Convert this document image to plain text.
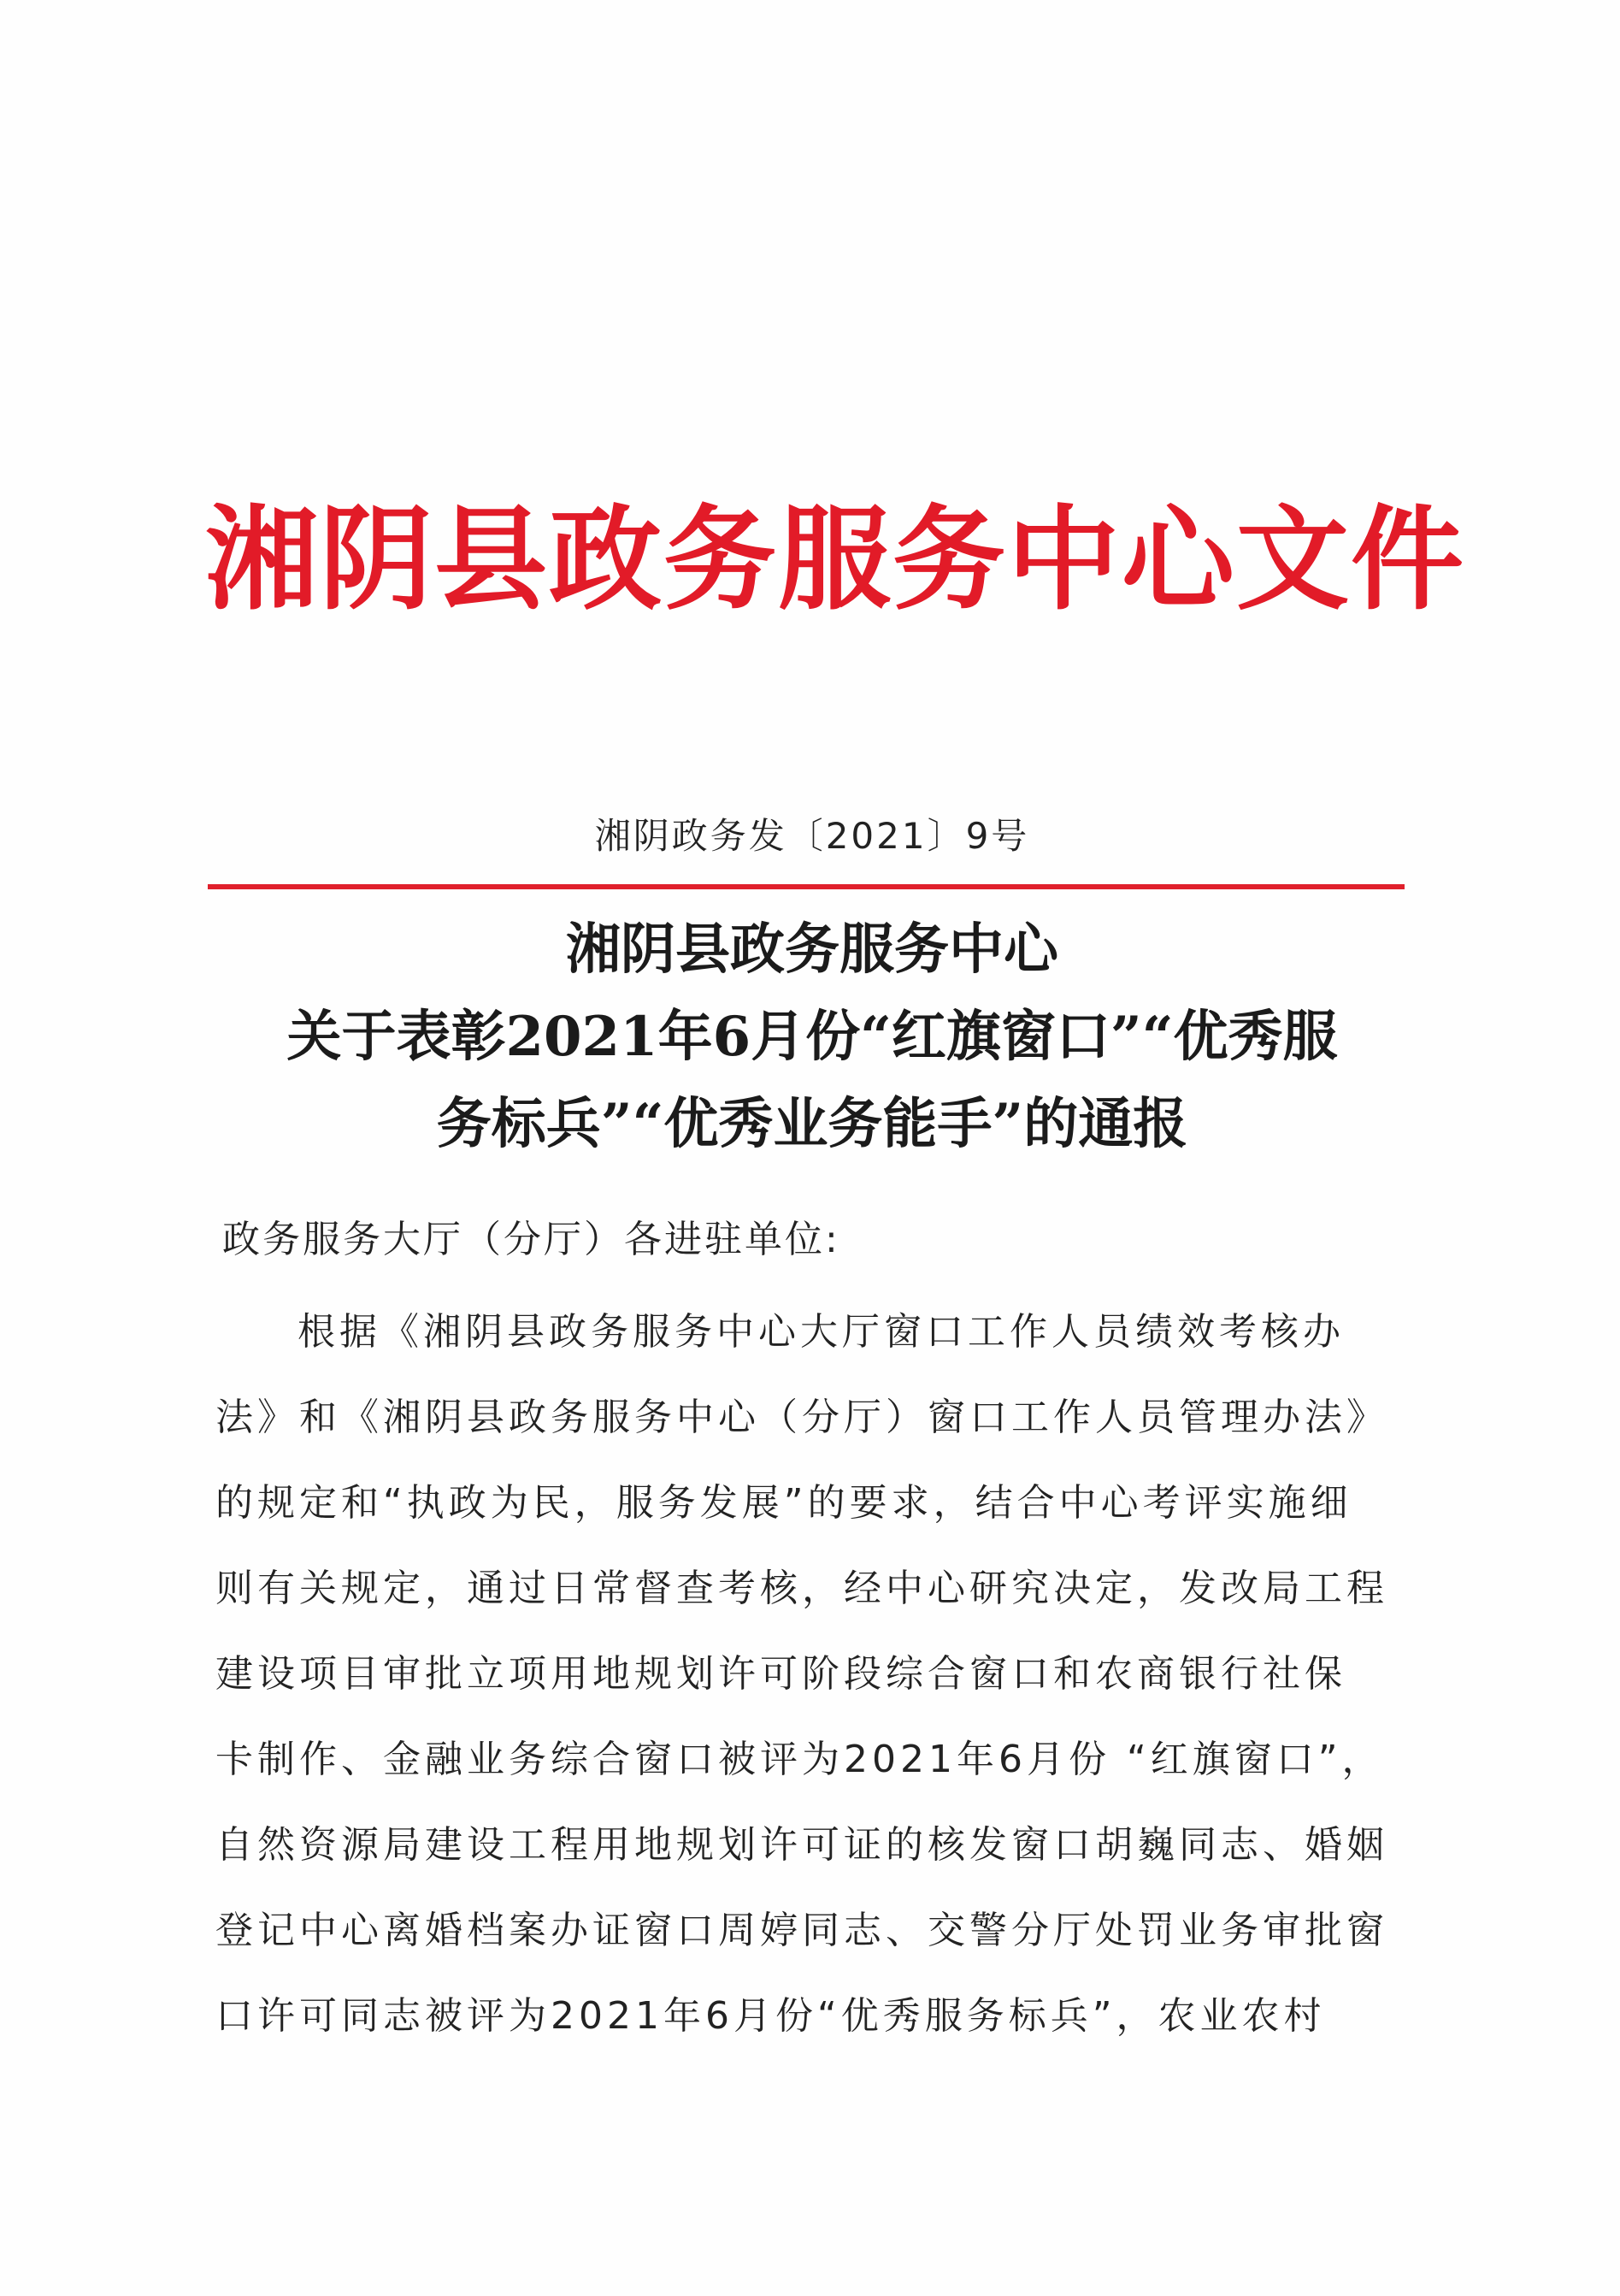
湘阴县政务服务中心文件
湘阴政务发〔2021〕9号
湘阴县政务服务中心
关于表彰2021年6月份“红旗窗口”“优秀服
务标兵”“优秀业务能手”的通报
政务服务大厅（分厅）各进驻单位:
根据《湘阴县政务服务中心大厅窗口工作人员绩效考核办
法》和《湘阴县政务服务中心（分厅）窗口工作人员管理办法》
的规定和“执政为民，服务发展”的要求，结合中心考评实施细
则有关规定，通过日常督查考核，经中心研究决定，发改局工程
建设项目审批立项用地规划许可阶段综合窗口和农商银行社保
卡制作、金融业务综合窗口被评为2021年6月份 “红旗窗口”，
自然资源局建设工程用地规划许可证的核发窗口胡巍同志、婚姻
登记中心离婚档案办证窗口周婷同志、交警分厅处罚业务审批窗
口许可同志被评为2021年6月份“优秀服务标兵”，农业农村
